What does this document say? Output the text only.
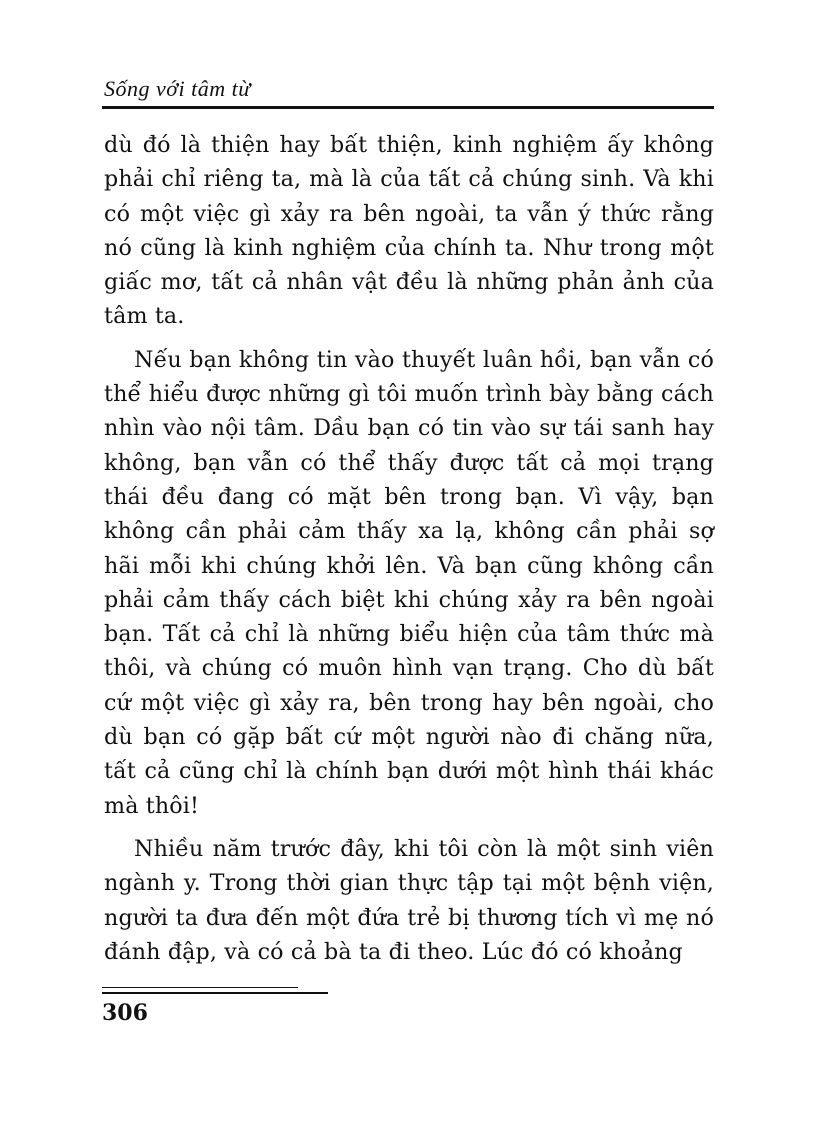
Sống với tâm từ

dù đó là thiện hay bất thiện, kinh nghiệm ấy không phải chỉ riêng ta, mà là của tất cả chúng sinh. Và khi có một việc gì xảy ra bên ngoài, ta vẫn ý thức rằng nó cũng là kinh nghiệm của chính ta. Như trong một giấc mơ, tất cả nhân vật đều là những phản ảnh của tâm ta.

Nếu bạn không tin vào thuyết luân hồi, bạn vẫn có thể hiểu được những gì tôi muốn trình bày bằng cách nhìn vào nội tâm. Dầu bạn có tin vào sự tái sanh hay không, bạn vẫn có thể thấy được tất cả mọi trạng thái đều đang có mặt bên trong bạn. Vì vậy, bạn không cần phải cảm thấy xa lạ, không cần phải sợ hãi mỗi khi chúng khởi lên. Và bạn cũng không cần phải cảm thấy cách biệt khi chúng xảy ra bên ngoài bạn. Tất cả chỉ là những biểu hiện của tâm thức mà thôi, và chúng có muôn hình vạn trạng. Cho dù bất cứ một việc gì xảy ra, bên trong hay bên ngoài, cho dù bạn có gặp bất cứ một người nào đi chăng nữa, tất cả cũng chỉ là chính bạn dưới một hình thái khác mà thôi!

Nhiều năm trước đây, khi tôi còn là một sinh viên ngành y. Trong thời gian thực tập tại một bệnh viện, người ta đưa đến một đứa trẻ bị thương tích vì mẹ nó đánh đập, và có cả bà ta đi theo. Lúc đó có khoảng

306
